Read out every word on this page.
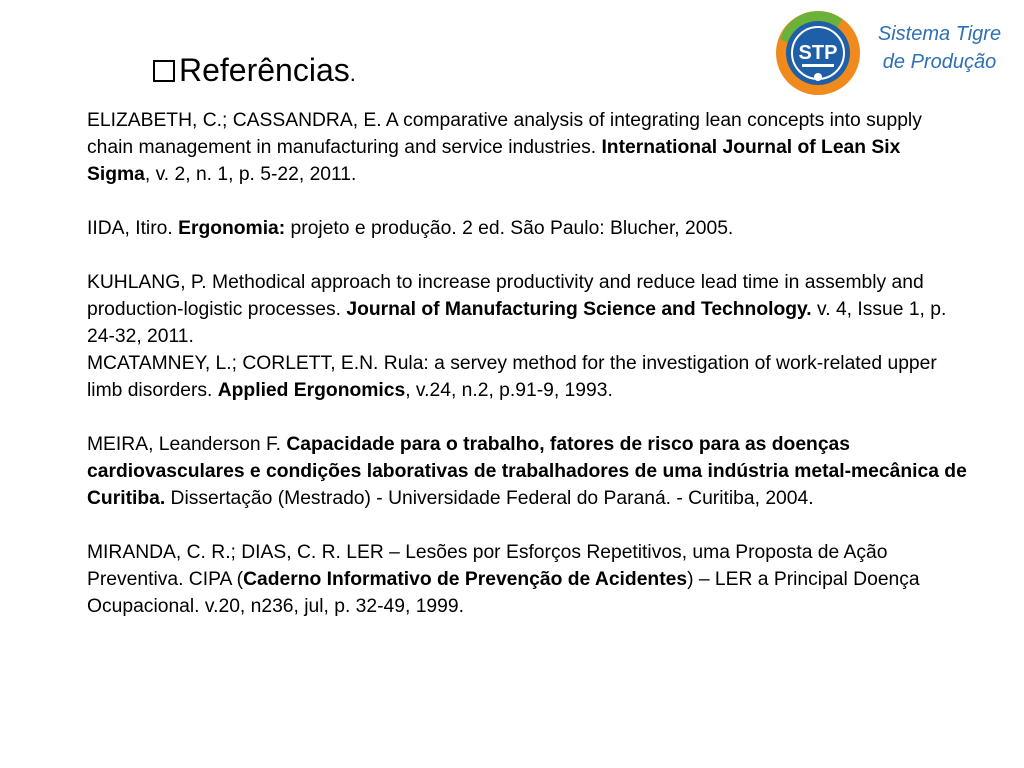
Referências.
STP
Sistema Tigre
de Produção

ELIZABETH, C.; CASSANDRA, E. A comparative analysis of integrating lean concepts into supply chain management in manufacturing and service industries. International Journal of Lean Six Sigma, v. 2, n. 1, p. 5-22, 2011.

IIDA, Itiro. Ergonomia: projeto e produção. 2 ed. São Paulo: Blucher, 2005.

KUHLANG, P. Methodical approach to increase productivity and reduce lead time in assembly and production-logistic processes. Journal of Manufacturing Science and Technology. v. 4, Issue 1, p. 24-32, 2011.

MCATAMNEY, L.; CORLETT, E.N. Rula: a servey method for the investigation of work-related upper limb disorders. Applied Ergonomics, v.24, n.2, p.91-9, 1993.

MEIRA, Leanderson F. Capacidade para o trabalho, fatores de risco para as doenças cardiovasculares e condições laborativas de trabalhadores de uma indústria metal-mecânica de Curitiba. Dissertação (Mestrado) - Universidade Federal do Paraná. - Curitiba, 2004.

MIRANDA, C. R.; DIAS, C. R. LER – Lesões por Esforços Repetitivos, uma Proposta de Ação Preventiva. CIPA (Caderno Informativo de Prevenção de Acidentes) – LER a Principal Doença Ocupacional. v.20, n236, jul, p. 32-49, 1999.
